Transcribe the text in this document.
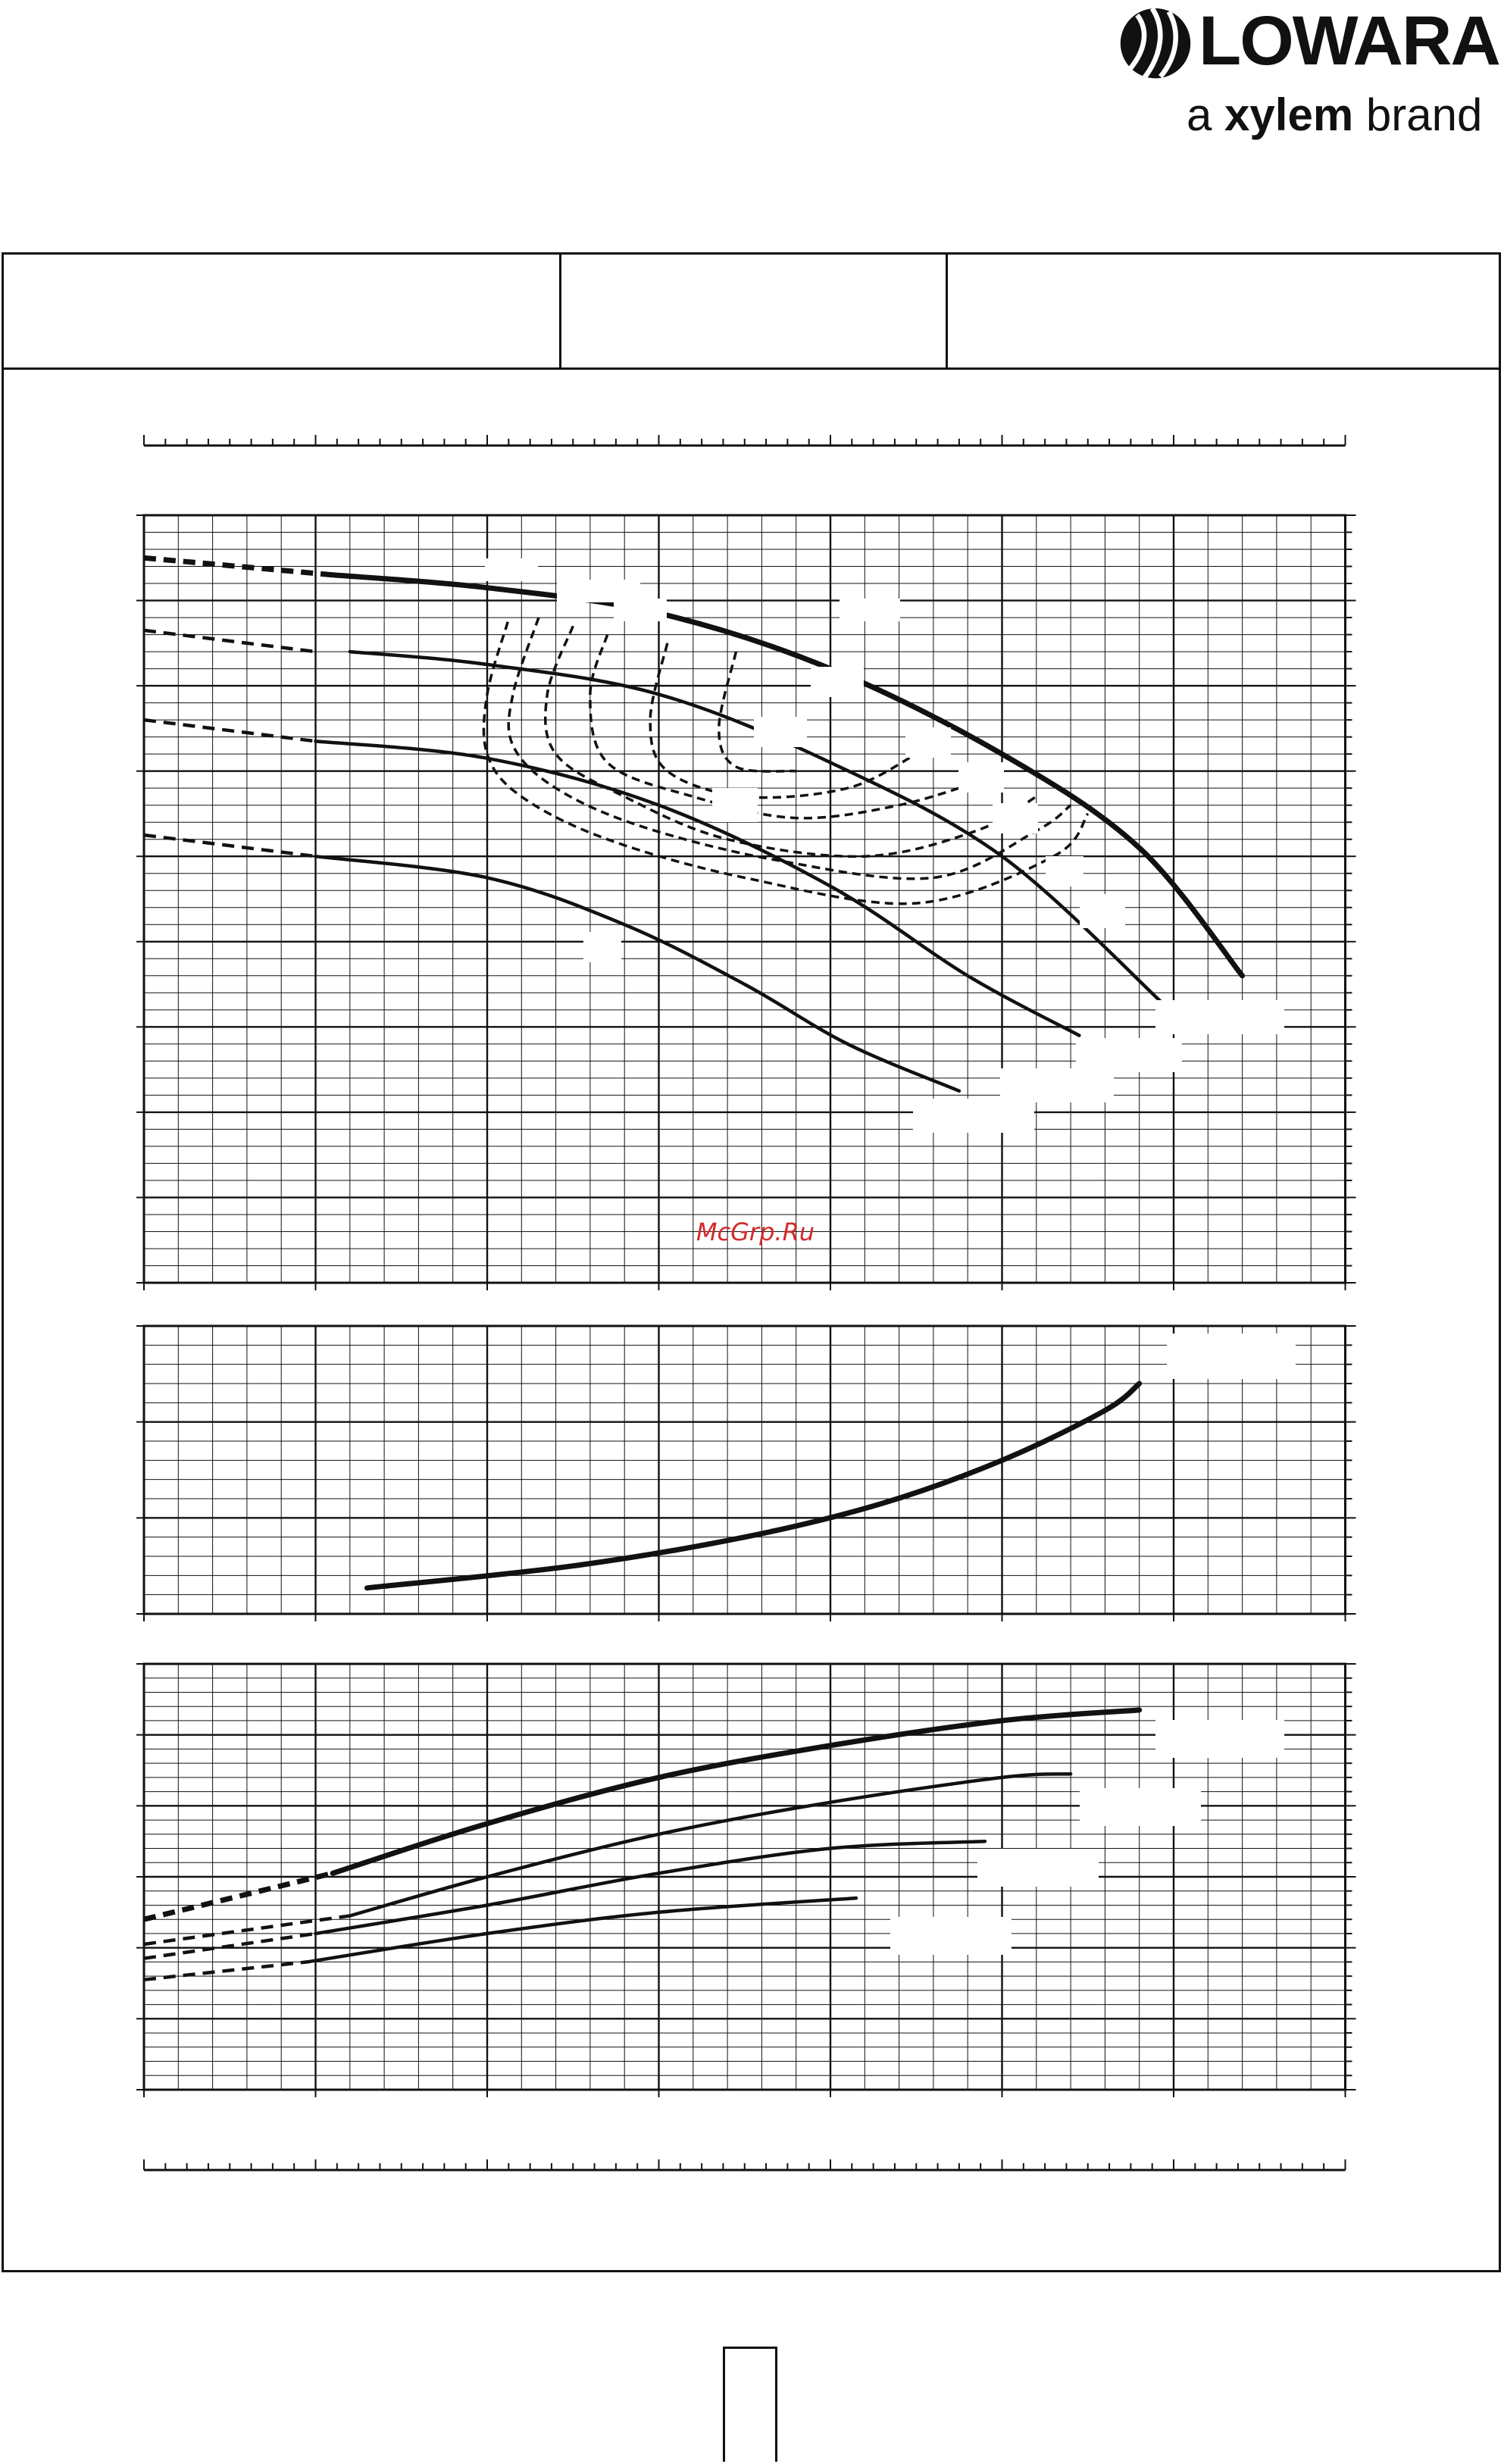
LOWARA
a xylem brand
McGrp.Ru
